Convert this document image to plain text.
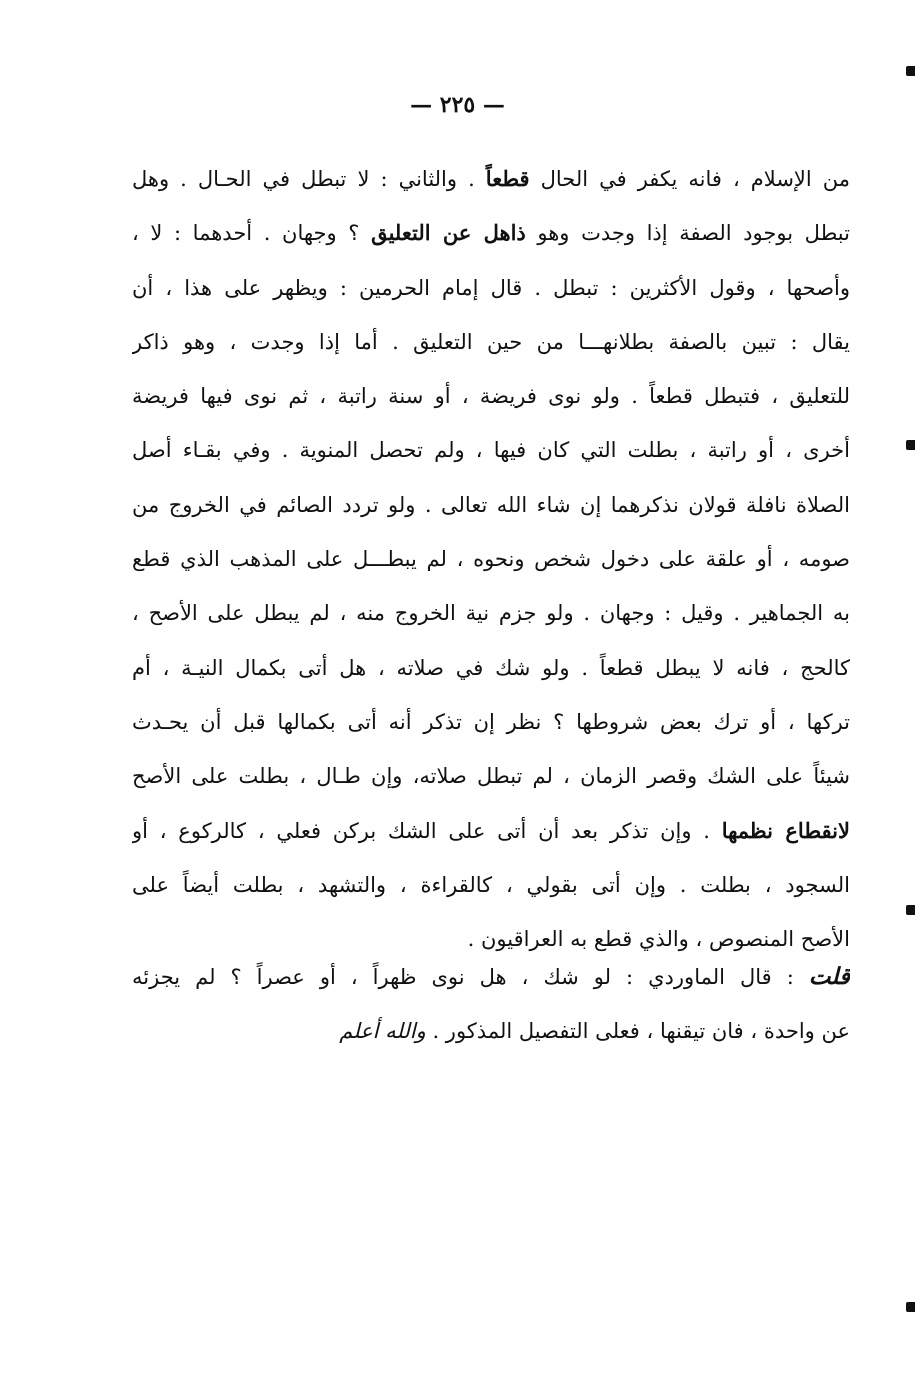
— ٢٢٥ —
من الإسلام ، فانه يكفر في الحال قطعاً . والثاني : لا تبطل في الحـال . وهل
تبطل بوجود الصفة إذا وجدت وهو ذاهل عن التعليق ؟ وجهان . أحدهما : لا ،
وأصحها ، وقول الأكثرين : تبطل . قال إمام الحرمين : ويظهر على هذا ، أن
يقال : تبين بالصفة بطلانهـــا من حين التعليق . أما إذا وجدت ، وهو ذاكر
للتعليق ، فتبطل قطعاً . ولو نوى فريضة ، أو سنة راتبة ، ثم نوى فيها فريضة
أخرى ، أو راتبة ، بطلت التي كان فيها ، ولم تحصل المنوية . وفي بقـاء أصل
الصلاة نافلة قولان نذكرهما إن شاء الله تعالى . ولو تردد الصائم في الخروج من
صومه ، أو علقة على دخول شخص ونحوه ، لم يبطـــل على المذهب الذي قطع
به الجماهير . وقيل : وجهان . ولو جزم نية الخروج منه ، لم يبطل على الأصح ،
كالحج ، فانه لا يبطل قطعاً . ولو شك في صلاته ، هل أتى بكمال النيـة ، أم
تركها ، أو ترك بعض شروطها ؟ نظر إن تذكر أنه أتى بكمالها قبل أن يحـدث
شيئاً على الشك وقصر الزمان ، لم تبطل صلاته، وإن طـال ، بطلت على الأصح
لانقطاع نظمها . وإن تذكر بعد أن أتى على الشك بركن فعلي ، كالركوع ، أو
السجود ، بطلت . وإن أتى بقولي ، كالقراءة ، والتشهد ، بطلت أيضاً على
الأصح المنصوص ، والذي قطع به العراقيون .
قلت : قال الماوردي : لو شك ، هل نوى ظهراً ، أو عصراً ؟ لم يجزئه
عن واحدة ، فان تيقنها ، فعلى التفصيل المذكور . والله أعلم
